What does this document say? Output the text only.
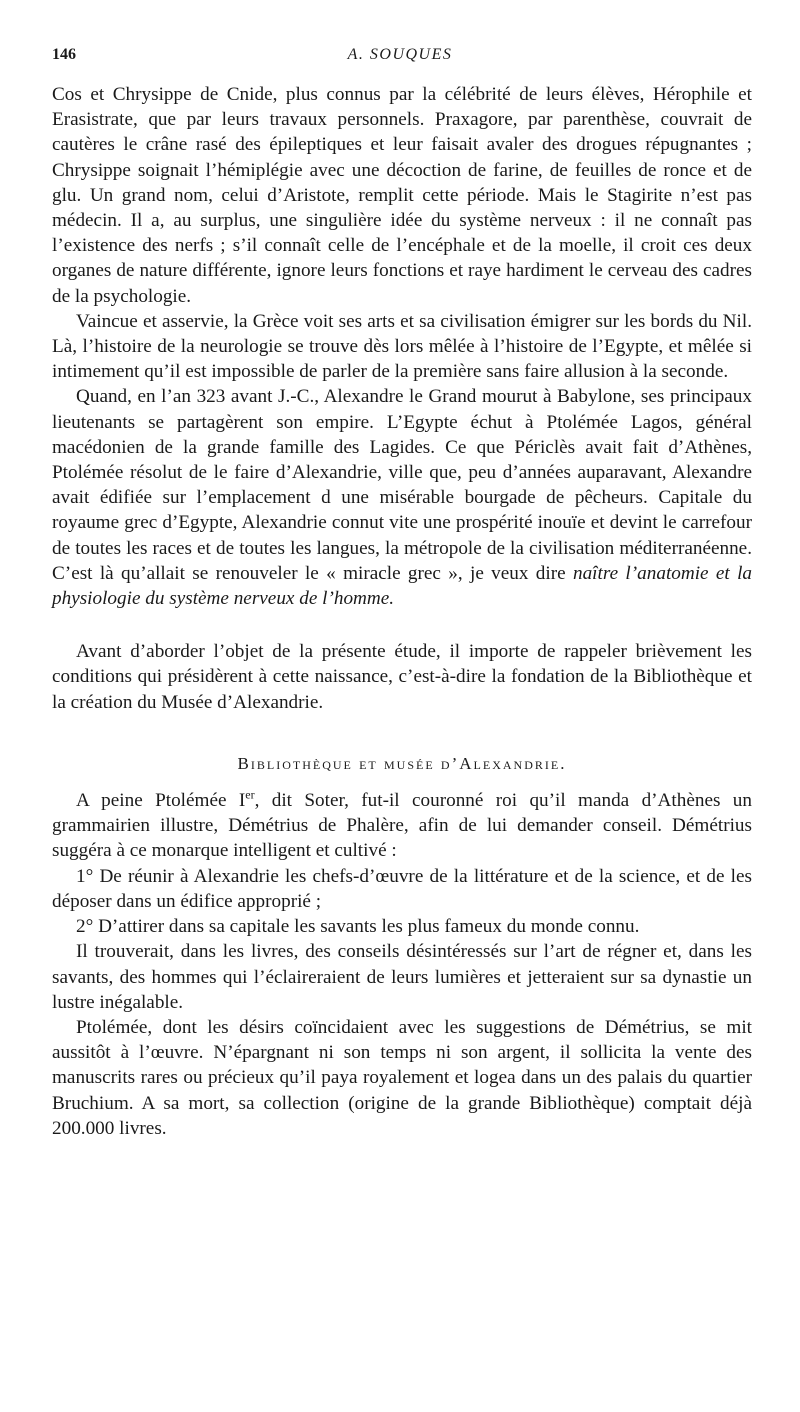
146	A. SOUQUES

Cos et Chrysippe de Cnide, plus connus par la célébrité de leurs élèves, Hérophile et Erasistrate, que par leurs travaux personnels. Praxagore, par parenthèse, couvrait de cautères le crâne rasé des épileptiques et leur faisait avaler des drogues répugnantes ; Chrysippe soignait l’hémiplégie avec une décoction de farine, de feuilles de ronce et de glu. Un grand nom, celui d’Aristote, remplit cette période. Mais le Stagirite n’est pas médecin. Il a, au surplus, une singulière idée du système nerveux : il ne connaît pas l’existence des nerfs ; s’il connaît celle de l’encéphale et de la moelle, il croit ces deux organes de nature différente, ignore leurs fonctions et raye hardiment le cerveau des cadres de la psychologie.

Vaincue et asservie, la Grèce voit ses arts et sa civilisation émigrer sur les bords du Nil. Là, l’histoire de la neurologie se trouve dès lors mêlée à l’histoire de l’Egypte, et mêlée si intimement qu’il est impossible de parler de la première sans faire allusion à la seconde.

Quand, en l’an 323 avant J.-C., Alexandre le Grand mourut à Babylone, ses principaux lieutenants se partagèrent son empire. L’Egypte échut à Ptolémée Lagos, général macédonien de la grande famille des Lagides. Ce que Périclès avait fait d’Athènes, Ptolémée résolut de le faire d’Alexandrie, ville que, peu d’années auparavant, Alexandre avait édifiée sur l’emplacement d une misérable bourgade de pêcheurs. Capitale du royaume grec d’Egypte, Alexandrie connut vite une prospérité inouïe et devint le carrefour de toutes les races et de toutes les langues, la métropole de la civilisation méditerranéenne. C’est là qu’allait se renouveler le « miracle grec », je veux dire naître l’anatomie et la physiologie du système nerveux de l’homme.

Avant d’aborder l’objet de la présente étude, il importe de rappeler brièvement les conditions qui présidèrent à cette naissance, c’est-à-dire la fondation de la Bibliothèque et la création du Musée d’Alexandrie.

Bibliothèque et musée d’Alexandrie.

A peine Ptolémée Ier, dit Soter, fut-il couronné roi qu’il manda d’Athènes un grammairien illustre, Démétrius de Phalère, afin de lui demander conseil. Démétrius suggéra à ce monarque intelligent et cultivé :

1° De réunir à Alexandrie les chefs-d’œuvre de la littérature et de la science, et de les déposer dans un édifice approprié ;

2° D’attirer dans sa capitale les savants les plus fameux du monde connu.

Il trouverait, dans les livres, des conseils désintéressés sur l’art de régner et, dans les savants, des hommes qui l’éclaireraient de leurs lumières et jetteraient sur sa dynastie un lustre inégalable.

Ptolémée, dont les désirs coïncidaient avec les suggestions de Démétrius, se mit aussitôt à l’œuvre. N’épargnant ni son temps ni son argent, il sollicita la vente des manuscrits rares ou précieux qu’il paya royalement et logea dans un des palais du quartier Bruchium. A sa mort, sa collection (origine de la grande Bibliothèque) comptait déjà 200.000 livres.
